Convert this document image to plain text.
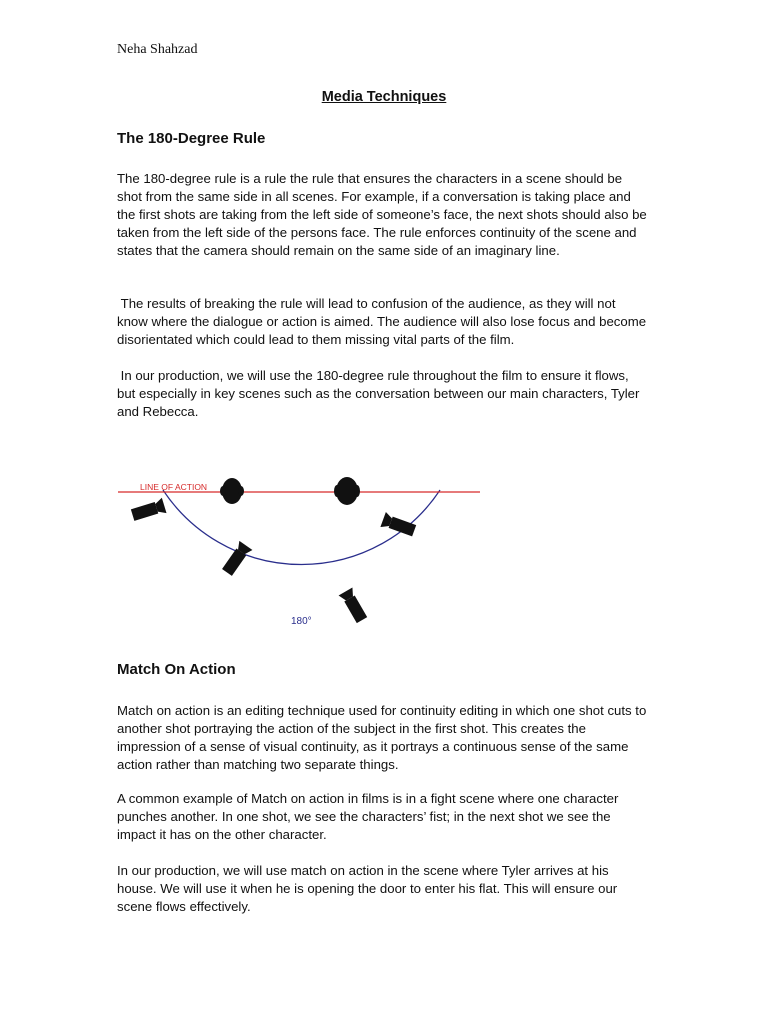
Neha Shahzad
Media Techniques
The 180-Degree Rule

The 180-degree rule is a rule the rule that ensures the characters in a scene should be shot from the same side in all scenes. For example, if a conversation is taking place and the first shots are taking from the left side of someone’s face, the next shots should also be taken from the left side of the persons face. The rule enforces continuity of the scene and states that the camera should remain on the same side of an imaginary line.

The results of breaking the rule will lead to confusion of the audience, as they will not know where the dialogue or action is aimed. The audience will also lose focus and become disorientated which could lead to them missing vital parts of the film.

In our production, we will use the 180-degree rule throughout the film to ensure it flows, but especially in key scenes such as the conversation between our main characters, Tyler and Rebecca.

LINE OF ACTION
180°
Match On Action

Match on action is an editing technique used for continuity editing in which one shot cuts to another shot portraying the action of the subject in the first shot. This creates the impression of a sense of visual continuity, as it portrays a continuous sense of the same action rather than matching two separate things.

A common example of Match on action in films is in a fight scene where one character punches another. In one shot, we see the characters’ fist; in the next shot we see the impact it has on the other character.

In our production, we will use match on action in the scene where Tyler arrives at his house. We will use it when he is opening the door to enter his flat. This will ensure our scene flows effectively.
